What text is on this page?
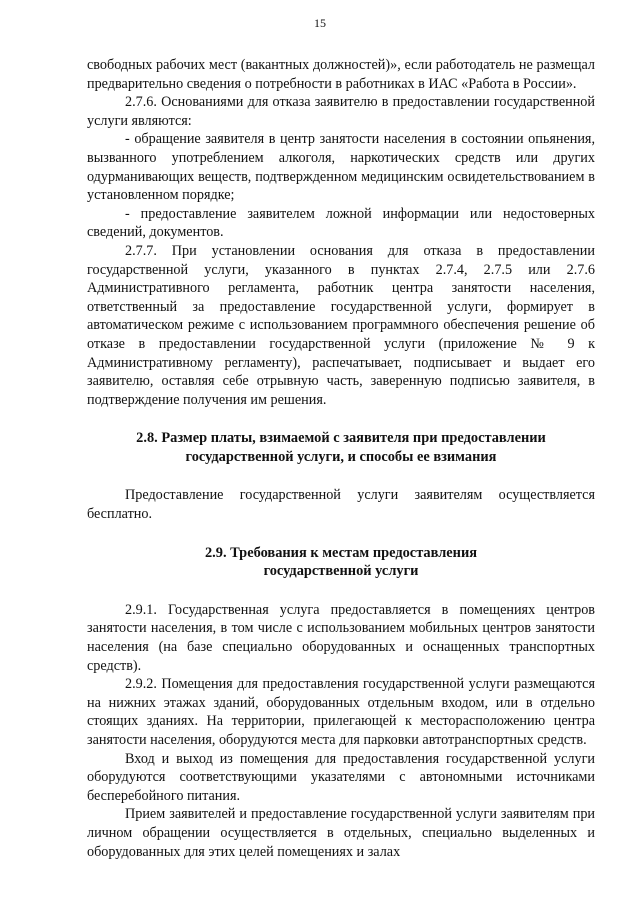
15

свободных рабочих мест (вакантных должностей)», если работодатель не размещал предварительно сведения о потребности в работниках в ИАС «Работа в России».

2.7.6. Основаниями для отказа заявителю в предоставлении государственной услуги являются:

- обращение заявителя в центр занятости населения в состоянии опьянения, вызванного употреблением алкоголя, наркотических средств или других одурманивающих веществ, подтвержденном медицинским освидетельствованием в установленном порядке;

- предоставление заявителем ложной информации или недостоверных сведений, документов.

2.7.7. При установлении основания для отказа в предоставлении государственной услуги, указанного в пунктах 2.7.4, 2.7.5 или 2.7.6 Административного регламента, работник центра занятости населения, ответственный за предоставление государственной услуги, формирует в автоматическом режиме с использованием программного обеспечения решение об отказе в предоставлении государственной услуги (приложение № 9 к Административному регламенту), распечатывает, подписывает и выдает его заявителю, оставляя себе отрывную часть, заверенную подписью заявителя, в подтверждение получения им решения.

2.8. Размер платы, взимаемой с заявителя при предоставлении
государственной услуги, и способы ее взимания

Предоставление государственной услуги заявителям осуществляется бесплатно.

2.9. Требования к местам предоставления
государственной услуги

2.9.1. Государственная услуга предоставляется в помещениях центров занятости населения, в том числе с использованием мобильных центров занятости населения (на базе специально оборудованных и оснащенных транспортных средств).

2.9.2. Помещения для предоставления государственной услуги размещаются на нижних этажах зданий, оборудованных отдельным входом, или в отдельно стоящих зданиях. На территории, прилегающей к месторасположению центра занятости населения, оборудуются места для парковки автотранспортных средств.

Вход и выход из помещения для предоставления государственной услуги оборудуются соответствующими указателями с автономными источниками бесперебойного питания.

Прием заявителей и предоставление государственной услуги заявителям при личном обращении осуществляется в отдельных, специально выделенных и оборудованных для этих целей помещениях и залах
